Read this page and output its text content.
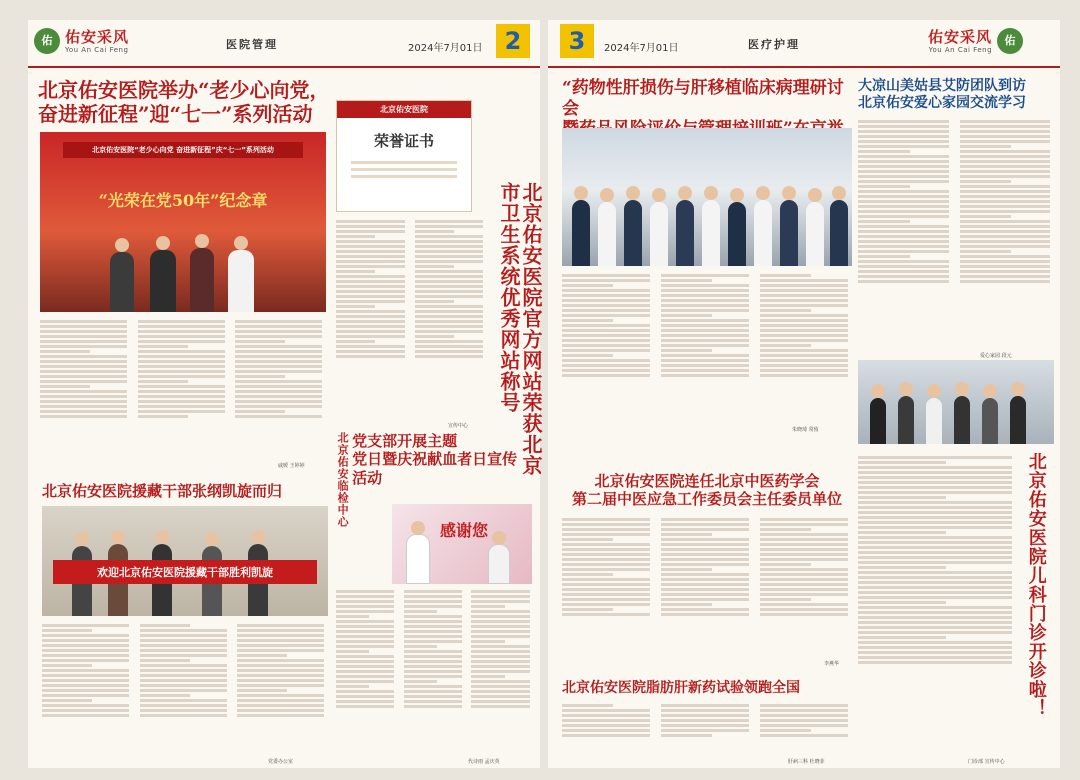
佑 佑安采风
You An Cai Feng	医院管理	2024年7月01日 2
北京佑安医院举办“老少心向党，
奋进新征程”迎“七一”系列活动
北京佑安医院“老少心向党 奋进新征程”庆“七一”系列活动
“光荣在党50年”纪念章
戚媛 王婷婷
北京佑安医院
荣誉证书
北京佑安医院官方网站荣获北京市卫生系统优秀网站称号
宣传中心
北京佑安医院援藏干部张纲凯旋而归
欢迎北京佑安医院援藏干部胜利凯旋
党委办公室
北京佑安临检中心 党支部开展主题
党日暨庆祝献血者日宣传活动
感谢您
代诗雨 孟庆英
3	2024年7月01日	医疗护理	佑安采风
You An Cai Feng
佑
“药物性肝损伤与肝移植临床病理研讨会
朱晓琦 常侑
大凉山美姑县艾防团队到访
北京佑安爱心家园交流学习
爱心家园 段元
北京佑安医院连任北京中医药学会
第二届中医应急工作委员会主任委员单位
李燕华	北京佑安医院儿科门诊开诊啦！
门诊部 宣传中心
北京佑安医院脂肪肝新药试验领跑全国
肝病三科 杜晓菲
